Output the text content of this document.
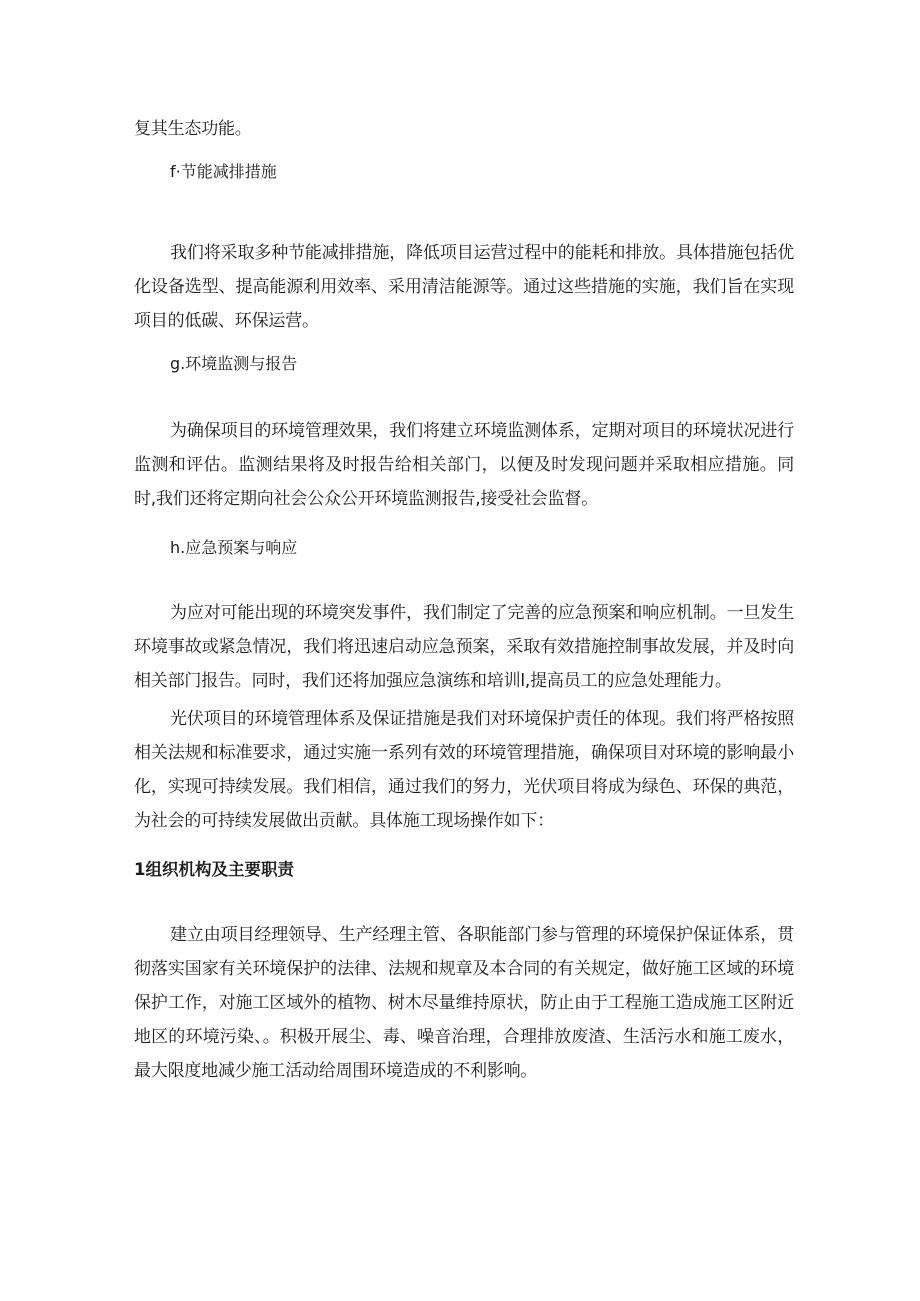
复其生态功能。

f·节能减排措施

我们将采取多种节能减排措施，降低项目运营过程中的能耗和排放。具体措施包括优化设备选型、提高能源利用效率、采用清洁能源等。通过这些措施的实施，我们旨在实现项目的低碳、环保运营。

g.环境监测与报告

为确保项目的环境管理效果，我们将建立环境监测体系，定期对项目的环境状况进行监测和评估。监测结果将及时报告给相关部门，以便及时发现问题并采取相应措施。同时,我们还将定期向社会公众公开环境监测报告,接受社会监督。

h.应急预案与响应

为应对可能出现的环境突发事件，我们制定了完善的应急预案和响应机制。一旦发生环境事故或紧急情况，我们将迅速启动应急预案，采取有效措施控制事故发展，并及时向相关部门报告。同时，我们还将加强应急演练和培训l,提高员工的应急处理能力。

光伏项目的环境管理体系及保证措施是我们对环境保护责任的体现。我们将严格按照相关法规和标准要求，通过实施一系列有效的环境管理措施，确保项目对环境的影响最小化，实现可持续发展。我们相信，通过我们的努力，光伏项目将成为绿色、环保的典范，为社会的可持续发展做出贡献。具体施工现场操作如下：

1组织机构及主要职责

建立由项目经理领导、生产经理主管、各职能部门参与管理的环境保护保证体系，贯彻落实国家有关环境保护的法律、法规和规章及本合同的有关规定，做好施工区域的环境保护工作，对施工区域外的植物、树木尽量维持原状，防止由于工程施工造成施工区附近地区的环境污染、。积极开展尘、毒、噪音治理，合理排放废渣、生活污水和施工废水，最大限度地减少施工活动给周围环境造成的不利影响。
